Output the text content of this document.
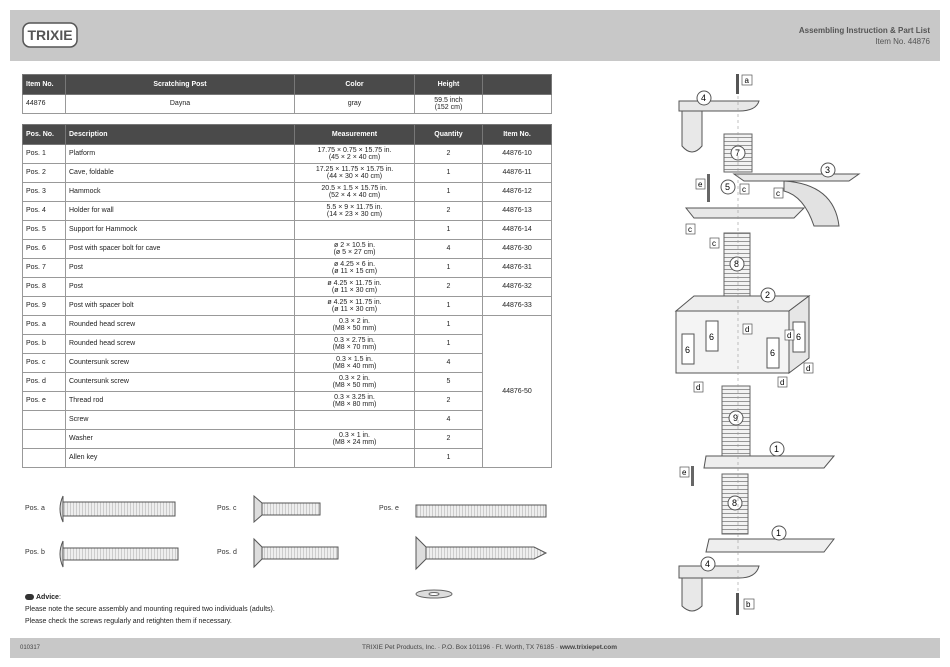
TRIXIE	Assembling Instruction & Part List
Item No. 44876
Item No.	Scratching Post	Color	Height	
44876	Dayna	gray	59.5 inch
(152 cm)	
Pos. No.	Description	Measurement	Quantity	Item No.
Pos. 1	Platform	17.75 × 0.75 × 15.75 in.
(45 × 2 × 40 cm)	2	44876-10
Pos. 2	Cave, foldable	17.25 × 11.75 × 15.75 in.
(44 × 30 × 40 cm)	1	44876-11
Pos. 3	Hammock	20.5 × 1.5 × 15.75 in.
(52 × 4 × 40 cm)	1	44876-12
Pos. 4	Holder for wall	5.5 × 9 × 11.75 in.
(14 × 23 × 30 cm)	2	44876-13
Pos. 5	Support for Hammock		1	44876-14
Pos. 6	Post with spacer bolt for cave	ø 2 × 10.5 in.
(ø 5 × 27 cm)	4	44876-30
Pos. 7	Post	ø 4.25 × 6 in.
(ø 11 × 15 cm)	1	44876-31
Pos. 8	Post	ø 4.25 × 11.75 in.
(ø 11 × 30 cm)	2	44876-32
Pos. 9	Post with spacer bolt	ø 4.25 × 11.75 in.
(ø 11 × 30 cm)	1	44876-33
Pos. a	Rounded head screw	0.3 × 2 in.
(M8 × 50 mm)	1	44876-50
Pos. b	Rounded head screw	0.3 × 2.75 in.
(M8 × 70 mm)	1	
Pos. c	Countersunk screw	0.3 × 1.5 in.
(M8 × 40 mm)	4	
Pos. d	Countersunk screw	0.3 × 2 in.
(M8 × 50 mm)	5	
Pos. e	Thread rod	0.3 × 3.25 in.
(M8 × 80 mm)	2	
	Screw		4	
	Washer	0.3 × 1 in.
(M8 × 24 mm)	2	
	Allen key		1	
Pos. a
Pos. b
Pos. c
Pos. d
Pos. e
Advice:
Please note the secure assembly and mounting required two individuals (adults).
Please check the screws regularly and retighten them if necessary.
a
4
7
3
5
e
c	c
c
c
8
2
6
6
6
6
d
d
d
d
d
9
1
e
8
1
4
b
010317	TRIXIE Pet Products, Inc. · P.O. Box 101196 · Ft. Worth, TX 76185 · www.trixiepet.com
